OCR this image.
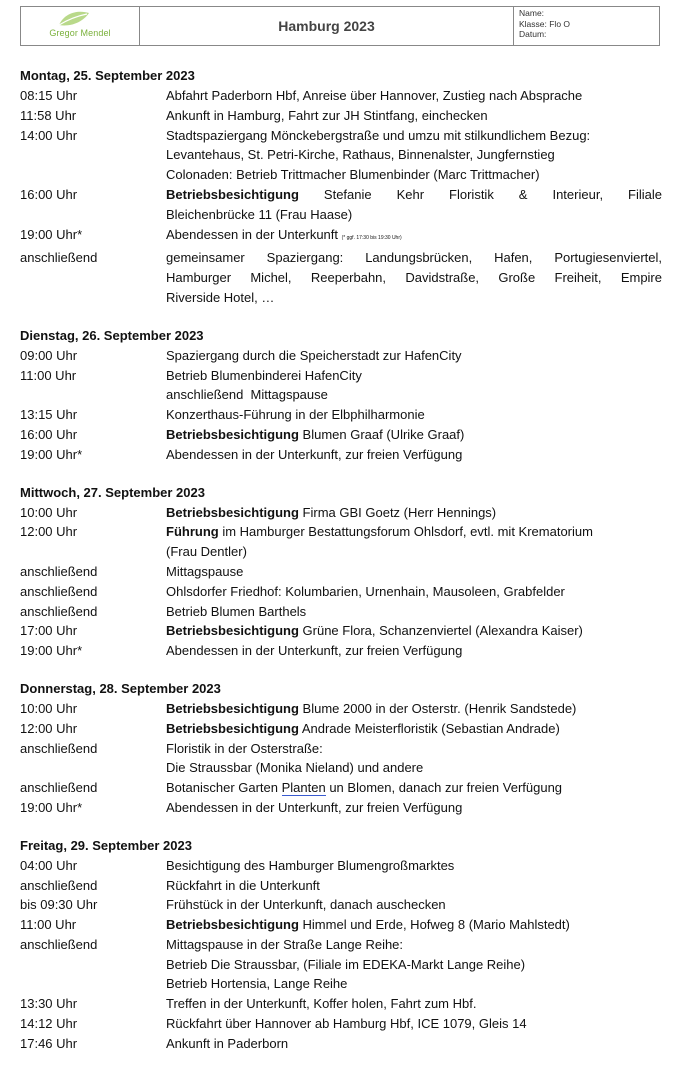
Gregor Mendel	Hamburg 2023
Name:
Klasse: Flo O
Datum:
Montag, 25. September 2023
08:15 Uhr	Abfahrt Paderborn Hbf, Anreise über Hannover, Zustieg nach Absprache
11:58 Uhr	Ankunft in Hamburg, Fahrt zur JH Stintfang, einchecken
14:00 Uhr	Stadtspaziergang Mönckebergstraße und umzu mit stilkundlichem Bezug:
Levantehaus, St. Petri-Kirche, Rathaus, Binnenalster, Jungfernstieg
Colonaden: Betrieb Trittmacher Blumenbinder (Marc Trittmacher)
16:00 Uhr	Betriebsbesichtigung Stefanie Kehr Floristik & Interieur, Filiale
Bleichenbrücke 11 (Frau Haase)
19:00 Uhr*	Abendessen in der Unterkunft (* ggf. 17:30 bis 19:30 Uhr)
anschließend	gemeinsamer Spaziergang: Landungsbrücken, Hafen, Portugiesenviertel,
Hamburger Michel, Reeperbahn, Davidstraße, Große Freiheit, Empire
Riverside Hotel, …
Dienstag, 26. September 2023
09:00 Uhr	Spaziergang durch die Speicherstadt zur HafenCity
11:00 Uhr	Betrieb Blumenbinderei HafenCity
anschließend  Mittagspause
13:15 Uhr	Konzerthaus-Führung in der Elbphilharmonie
16:00 Uhr	Betriebsbesichtigung Blumen Graaf (Ulrike Graaf)
19:00 Uhr*	Abendessen in der Unterkunft, zur freien Verfügung
Mittwoch, 27. September 2023
10:00 Uhr	Betriebsbesichtigung Firma GBI Goetz (Herr Hennings)
12:00 Uhr	Führung im Hamburger Bestattungsforum Ohlsdorf, evtl. mit Krematorium
(Frau Dentler)
anschließend	Mittagspause
anschließend	Ohlsdorfer Friedhof: Kolumbarien, Urnenhain, Mausoleen, Grabfelder
anschließend	Betrieb Blumen Barthels
17:00 Uhr	Betriebsbesichtigung Grüne Flora, Schanzenviertel (Alexandra Kaiser)
19:00 Uhr*	Abendessen in der Unterkunft, zur freien Verfügung
Donnerstag, 28. September 2023
10:00 Uhr	Betriebsbesichtigung Blume 2000 in der Osterstr. (Henrik Sandstede)
12:00 Uhr	Betriebsbesichtigung Andrade Meisterfloristik (Sebastian Andrade)
anschließend	Floristik in der Osterstraße:
Die Straussbar (Monika Nieland) und andere
anschließend	Botanischer Garten Planten un Blomen, danach zur freien Verfügung
19:00 Uhr*	Abendessen in der Unterkunft, zur freien Verfügung
Freitag, 29. September 2023
04:00 Uhr	Besichtigung des Hamburger Blumengroßmarktes
anschließend	Rückfahrt in die Unterkunft
bis 09:30 Uhr	Frühstück in der Unterkunft, danach auschecken
11:00 Uhr	Betriebsbesichtigung Himmel und Erde, Hofweg 8 (Mario Mahlstedt)
anschließend	Mittagspause in der Straße Lange Reihe:
Betrieb Die Straussbar, (Filiale im EDEKA-Markt Lange Reihe)
Betrieb Hortensia, Lange Reihe
13:30 Uhr	Treffen in der Unterkunft, Koffer holen, Fahrt zum Hbf.
14:12 Uhr	Rückfahrt über Hannover ab Hamburg Hbf, ICE 1079, Gleis 14
17:46 Uhr	Ankunft in Paderborn
